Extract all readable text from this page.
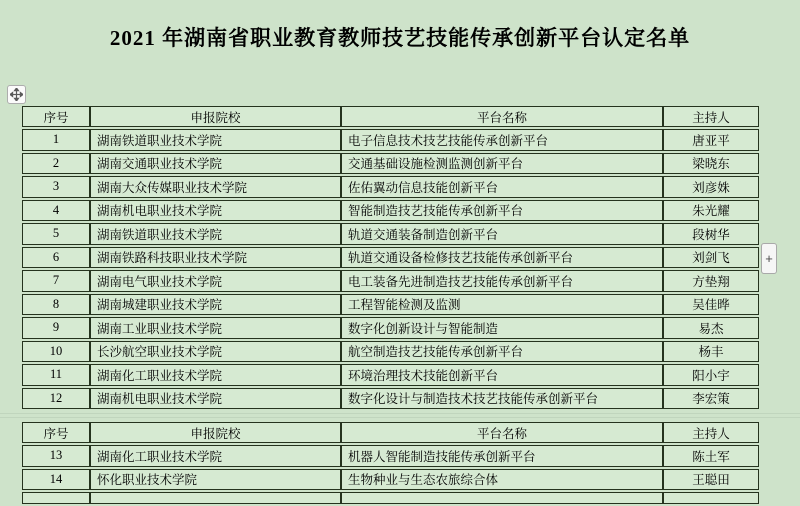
2021 年湖南省职业教育教师技艺技能传承创新平台认定名单
序号	申报院校	平台名称	主持人
1	湖南铁道职业技术学院	电子信息技术技艺技能传承创新平台	唐亚平
2	湖南交通职业技术学院	交通基础设施检测监测创新平台	梁晓东
3	湖南大众传媒职业技术学院	佐佑翼动信息技能创新平台	刘彦姝
4	湖南机电职业技术学院	智能制造技艺技能传承创新平台	朱光耀
5	湖南铁道职业技术学院	轨道交通装备制造创新平台	段树华
6	湖南铁路科技职业技术学院	轨道交通设备检修技艺技能传承创新平台	刘剑飞
7	湖南电气职业技术学院	电工装备先进制造技艺技能传承创新平台	方垫翔
8	湖南城建职业技术学院	工程智能检测及监测	吴佳晔
9	湖南工业职业技术学院	数字化创新设计与智能制造	易杰
10	长沙航空职业技术学院	航空制造技艺技能传承创新平台	杨丰
11	湖南化工职业技术学院	环境治理技术技能创新平台	阳小宇
12	湖南机电职业技术学院	数字化设计与制造技术技艺技能传承创新平台	李宏策
序号	申报院校	平台名称	主持人
13	湖南化工职业技术学院	机器人智能制造技能传承创新平台	陈土军
14	怀化职业技术学院	生物种业与生态农旅综合体	王聪田

+
